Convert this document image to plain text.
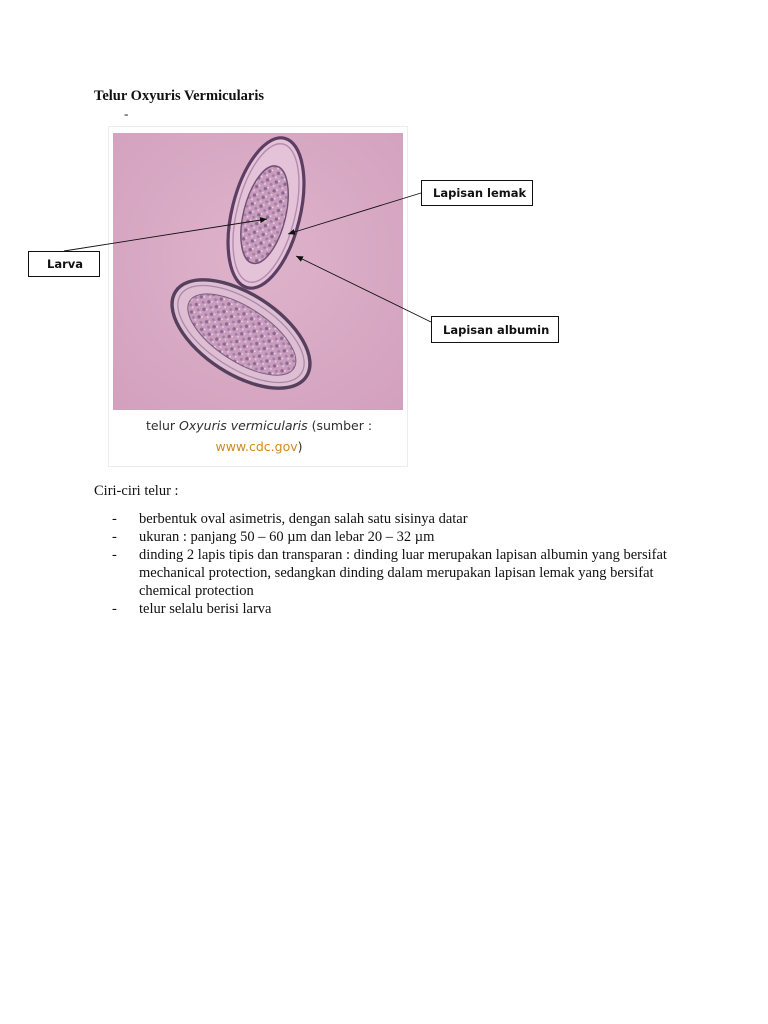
Telur Oxyuris Vermicularis
-
telur Oxyuris vermicularis (sumber :
www.cdc.gov)
Lapisan lemak
Larva
Lapisan albumin
Ciri-ciri telur :
- berbentuk oval asimetris, dengan salah satu sisinya datar
- ukuran : panjang 50 – 60 µm dan lebar 20 – 32 µm
- dinding 2 lapis tipis dan transparan : dinding luar merupakan lapisan albumin yang bersifat mechanical protection, sedangkan dinding dalam merupakan lapisan lemak yang bersifat chemical protection
- telur selalu berisi larva
